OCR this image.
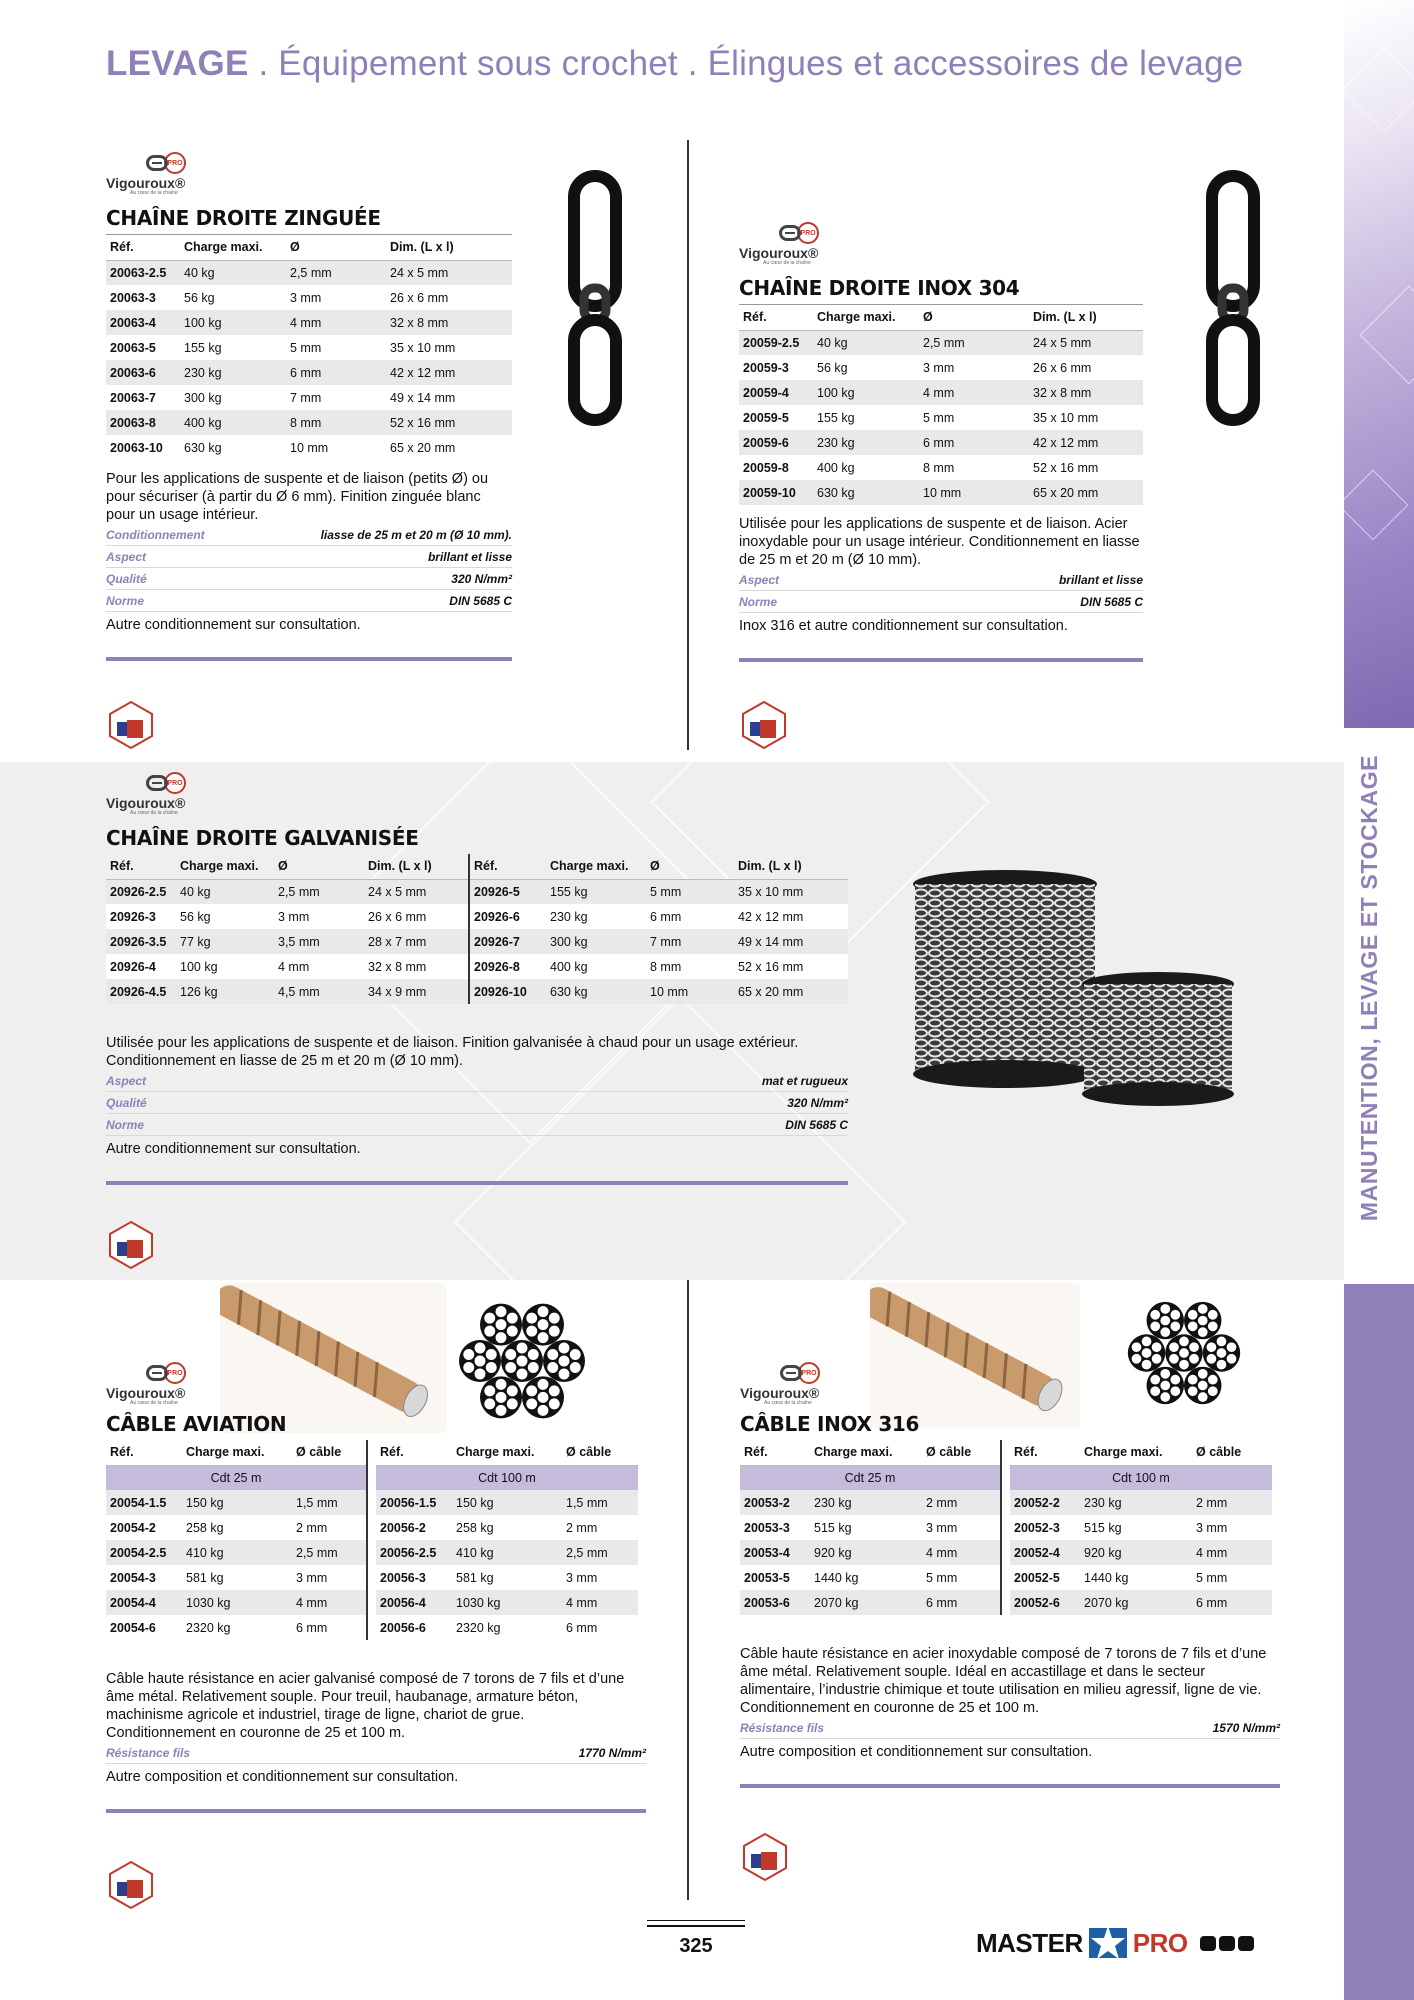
LEVAGE . Équipement sous crochet . Élingues et accessoires de levage
MANUTENTION, LEVAGE ET STOCKAGE
PRO
Vigouroux®
Au cœur de la chaîne
CHAÎNE DROITE ZINGUÉE
Réf.	Charge maxi.	Ø	Dim. (L x l)
20063-2.5	40 kg	2,5 mm	24 x 5 mm
20063-3	56 kg	3 mm	26 x 6 mm
20063-4	100 kg	4 mm	32 x 8 mm
20063-5	155 kg	5 mm	35 x 10 mm
20063-6	230 kg	6 mm	42 x 12 mm
20063-7	300 kg	7 mm	49 x 14 mm
20063-8	400 kg	8 mm	52 x 16 mm
20063-10	630 kg	10 mm	65 x 20 mm
Pour les applications de suspente et de liaison (petits Ø) ou pour sécuriser (à partir du Ø 6 mm). Finition zinguée blanc pour un usage intérieur.
Conditionnement	liasse de 25 m et 20 m (Ø 10 mm).
Aspect	brillant et lisse
Qualité	320 N/mm²
Norme	DIN 5685 C
Autre conditionnement sur consultation.
PRO
Vigouroux®
Au cœur de la chaîne
CHAÎNE DROITE INOX 304
Réf.	Charge maxi.	Ø	Dim. (L x l)
20059-2.5	40 kg	2,5 mm	24 x 5 mm
20059-3	56 kg	3 mm	26 x 6 mm
20059-4	100 kg	4 mm	32 x 8 mm
20059-5	155 kg	5 mm	35 x 10 mm
20059-6	230 kg	6 mm	42 x 12 mm
20059-8	400 kg	8 mm	52 x 16 mm
20059-10	630 kg	10 mm	65 x 20 mm
Utilisée pour les applications de suspente et de liaison. Acier inoxydable pour un usage intérieur. Conditionnement en liasse de 25 m et 20 m (Ø 10 mm).
Aspect	brillant et lisse
Norme	DIN 5685 C
Inox 316 et autre conditionnement sur consultation.
PRO
Vigouroux®
Au cœur de la chaîne
CHAÎNE DROITE GALVANISÉE
Réf.	Charge maxi.	Ø	Dim. (L x l)
20926-2.5	40 kg	2,5 mm	24 x 5 mm
20926-3	56 kg	3 mm	26 x 6 mm
20926-3.5	77 kg	3,5 mm	28 x 7 mm
20926-4	100 kg	4 mm	32 x 8 mm
20926-4.5	126 kg	4,5 mm	34 x 9 mm
Réf.	Charge maxi.	Ø	Dim. (L x l)
20926-5	155 kg	5 mm	35 x 10 mm
20926-6	230 kg	6 mm	42 x 12 mm
20926-7	300 kg	7 mm	49 x 14 mm
20926-8	400 kg	8 mm	52 x 16 mm
20926-10	630 kg	10 mm	65 x 20 mm
Utilisée pour les applications de suspente et de liaison. Finition galvanisée à chaud pour un usage extérieur. Conditionnement en liasse de 25 m et 20 m (Ø 10 mm).
Aspect	mat et rugueux
Qualité	320 N/mm²
Norme	DIN 5685 C
Autre conditionnement sur consultation.
PRO
Vigouroux®
Au cœur de la chaîne
CÂBLE AVIATION
Réf.	Charge maxi.	Ø câble
Cdt 25 m		
20054-1.5	150 kg	1,5 mm
20054-2	258 kg	2 mm
20054-2.5	410 kg	2,5 mm
20054-3	581 kg	3 mm
20054-4	1030 kg	4 mm
20054-6	2320 kg	6 mm
Réf.	Charge maxi.	Ø câble
Cdt 100 m		
20056-1.5	150 kg	1,5 mm
20056-2	258 kg	2 mm
20056-2.5	410 kg	2,5 mm
20056-3	581 kg	3 mm
20056-4	1030 kg	4 mm
20056-6	2320 kg	6 mm
Câble haute résistance en acier galvanisé composé de 7 torons de 7 fils et d’une âme métal. Relativement souple. Pour treuil, haubanage, armature béton, machinisme agricole et industriel, tirage de ligne, chariot de grue. Conditionnement en couronne de 25 et 100 m.
Résistance fils	1770 N/mm²
Autre composition et conditionnement sur consultation.
PRO
Vigouroux®
Au cœur de la chaîne
CÂBLE INOX 316
Réf.	Charge maxi.	Ø câble
Cdt 25 m		
20053-2	230 kg	2 mm
20053-3	515 kg	3 mm
20053-4	920 kg	4 mm
20053-5	1440 kg	5 mm
20053-6	2070 kg	6 mm
Réf.	Charge maxi.	Ø câble
Cdt 100 m		
20052-2	230 kg	2 mm
20052-3	515 kg	3 mm
20052-4	920 kg	4 mm
20052-5	1440 kg	5 mm
20052-6	2070 kg	6 mm
Câble haute résistance en acier inoxydable composé de 7 torons de 7 fils et d’une âme métal. Relativement souple. Idéal en accastillage et dans le secteur alimentaire, l’industrie chimique et toute utilisation en milieu agressif, ligne de vie. Conditionnement en couronne de 25 et 100 m.
Résistance fils	1570 N/mm²
Autre composition et conditionnement sur consultation.
325	MASTER PRO
